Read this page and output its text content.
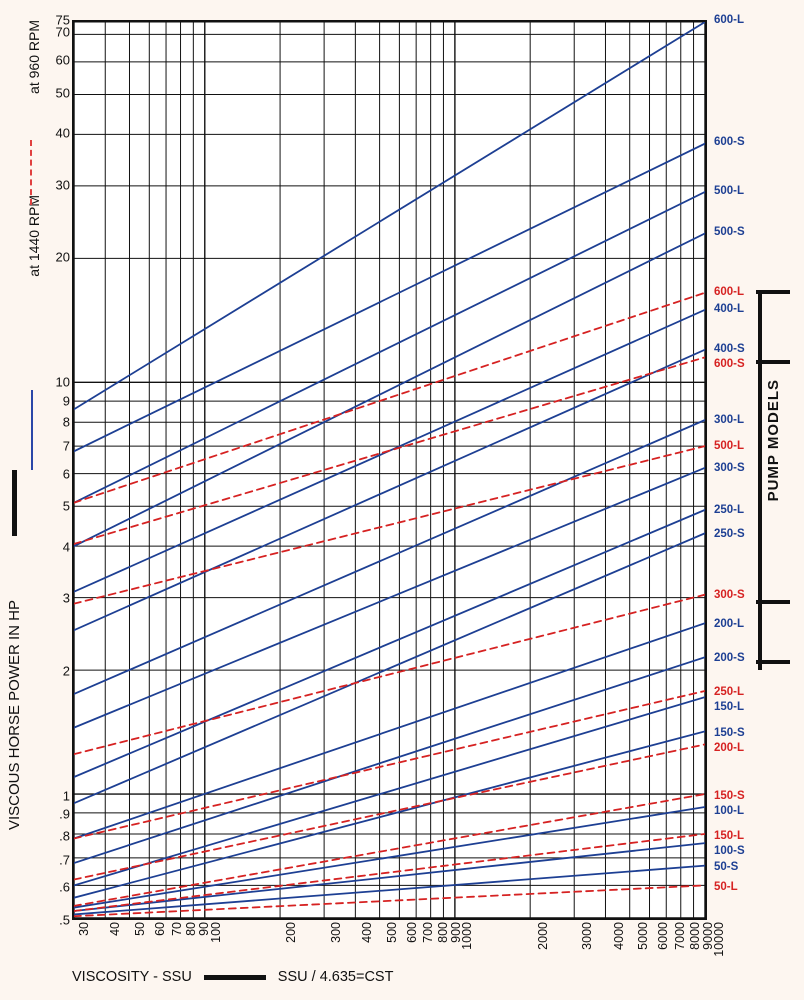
VISCOUS HORSE POWER IN HP
at 1440 RPM
at 960 RPM
.5
.6
.7
.8
.9
1
2
3
4
5
6
7
8
9
10
20
30
40
50
60
70
75
30 40 50 60 70 80
90
100	200 300 400 500 600 700 800
900
1000	2000 3000 4000 5000 6000 7000 8000
9000
10000
600-L
600-S
500-L
500-S
600-L
400-L
400-S
600-S
300-L
500-L
300-S
250-L
250-S
300-S
200-L
200-S
250-L
150-L
150-S
200-L
150-S
100-L
150-L
100-S
50-S
50-L
PUMP MODELS
VISCOSITY - SSU	SSU / 4.635=CST
